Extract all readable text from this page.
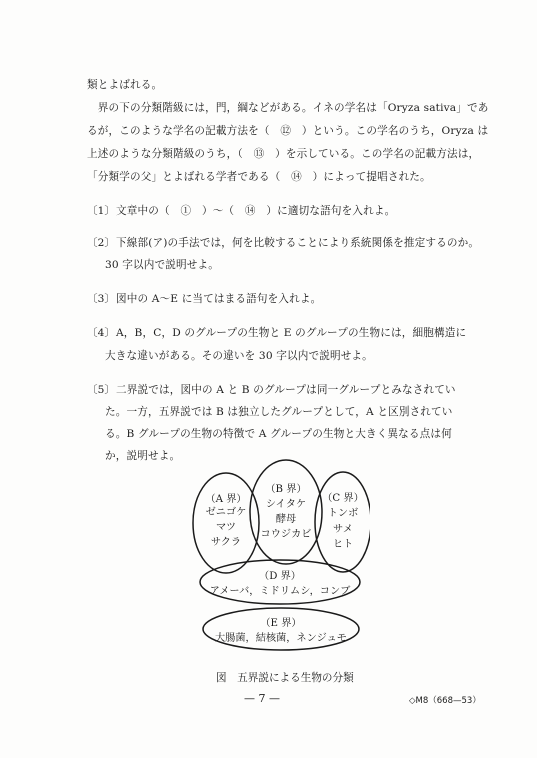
類とよばれる。
　界の下の分類階級には，門，綱などがある。イネの学名は「Oryza sativa」であ
るが，このような学名の記載方法を（　⑫　）という。この学名のうち，Oryza は
上述のような分類階級のうち，（　⑬　）を示している。この学名の記載方法は，
「分類学の父」とよばれる学者である（　⑭　）によって提唱された。
〔1〕 文章中の（　①　）〜（　⑭　）に適切な語句を入れよ。
〔2〕 下線部(ア)の手法では，何を比較することにより系統関係を推定するのか。
30 字以内で説明せよ。
〔3〕 図中の A〜E に当てはまる語句を入れよ。
〔4〕 A，B，C，D のグループの生物と E のグループの生物には，細胞構造に
大きな違いがある。その違いを 30 字以内で説明せよ。
〔5〕 二界説では，図中の A と B のグループは同一グループとみなされてい
た。一方，五界説では B は独立したグループとして，A と区別されてい
る。B グループの生物の特徴で A グループの生物と大きく異なる点は何
か，説明せよ。
（A 界）
ゼニゴケ
マツ
サクラ
（B 界）
シイタケ
酵母
コウジカビ
（C 界）
トンボ
サメ
ヒト
（D 界）
アメーバ，ミドリムシ，コンブ
（E 界）
大腸菌，結核菌，ネンジュモ
図　五界説による生物の分類
— 7 —	◇M8（668—53）
